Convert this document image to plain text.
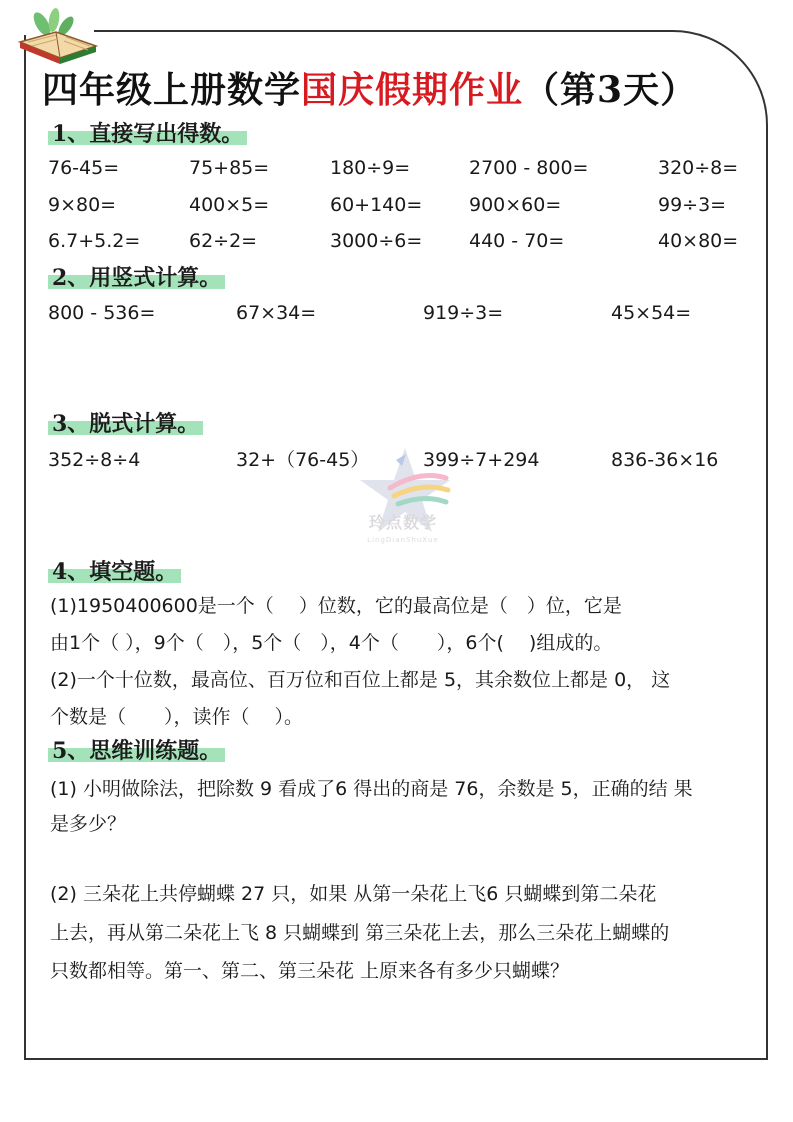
四年级上册数学国庆假期作业（第3天）
1、直接写出得数。
76-45=	75+85=	180÷9=	2700 - 800=	320÷8=
9×80=	400×5=	60+140= 900×60=	99÷3=
6.7+5.2=	62÷2=	3000÷6= 440 - 70=	40×80=
2、用竖式计算。
800 - 536=	67×34=	919÷3=	45×54=
3、脱式计算。
352÷8÷4	32+（76-45）	399÷7+294	836-36×16
玲点数学
LingDianShuXue
4、填空题。
(1)1950400600是一个（　 ）位数，它的最高位是（　）位，它是
由1个（ ），9个（　），5个（　），4个（　　），6个(　 )组成的。
(2)一个十位数，最高位、百万位和百位上都是 5，其余数位上都是 0， 这
个数是（　　），读作（　 ）。
5、思维训练题。
(1) 小明做除法，把除数 9 看成了6 得出的商是 76，余数是 5，正确的结 果
是多少？
(2) 三朵花上共停蝴蝶 27 只，如果 从第一朵花上飞6 只蝴蝶到第二朵花
上去，再从第二朵花上飞 8 只蝴蝶到 第三朵花上去，那么三朵花上蝴蝶的
只数都相等。第一、第二、第三朵花 上原来各有多少只蝴蝶？
